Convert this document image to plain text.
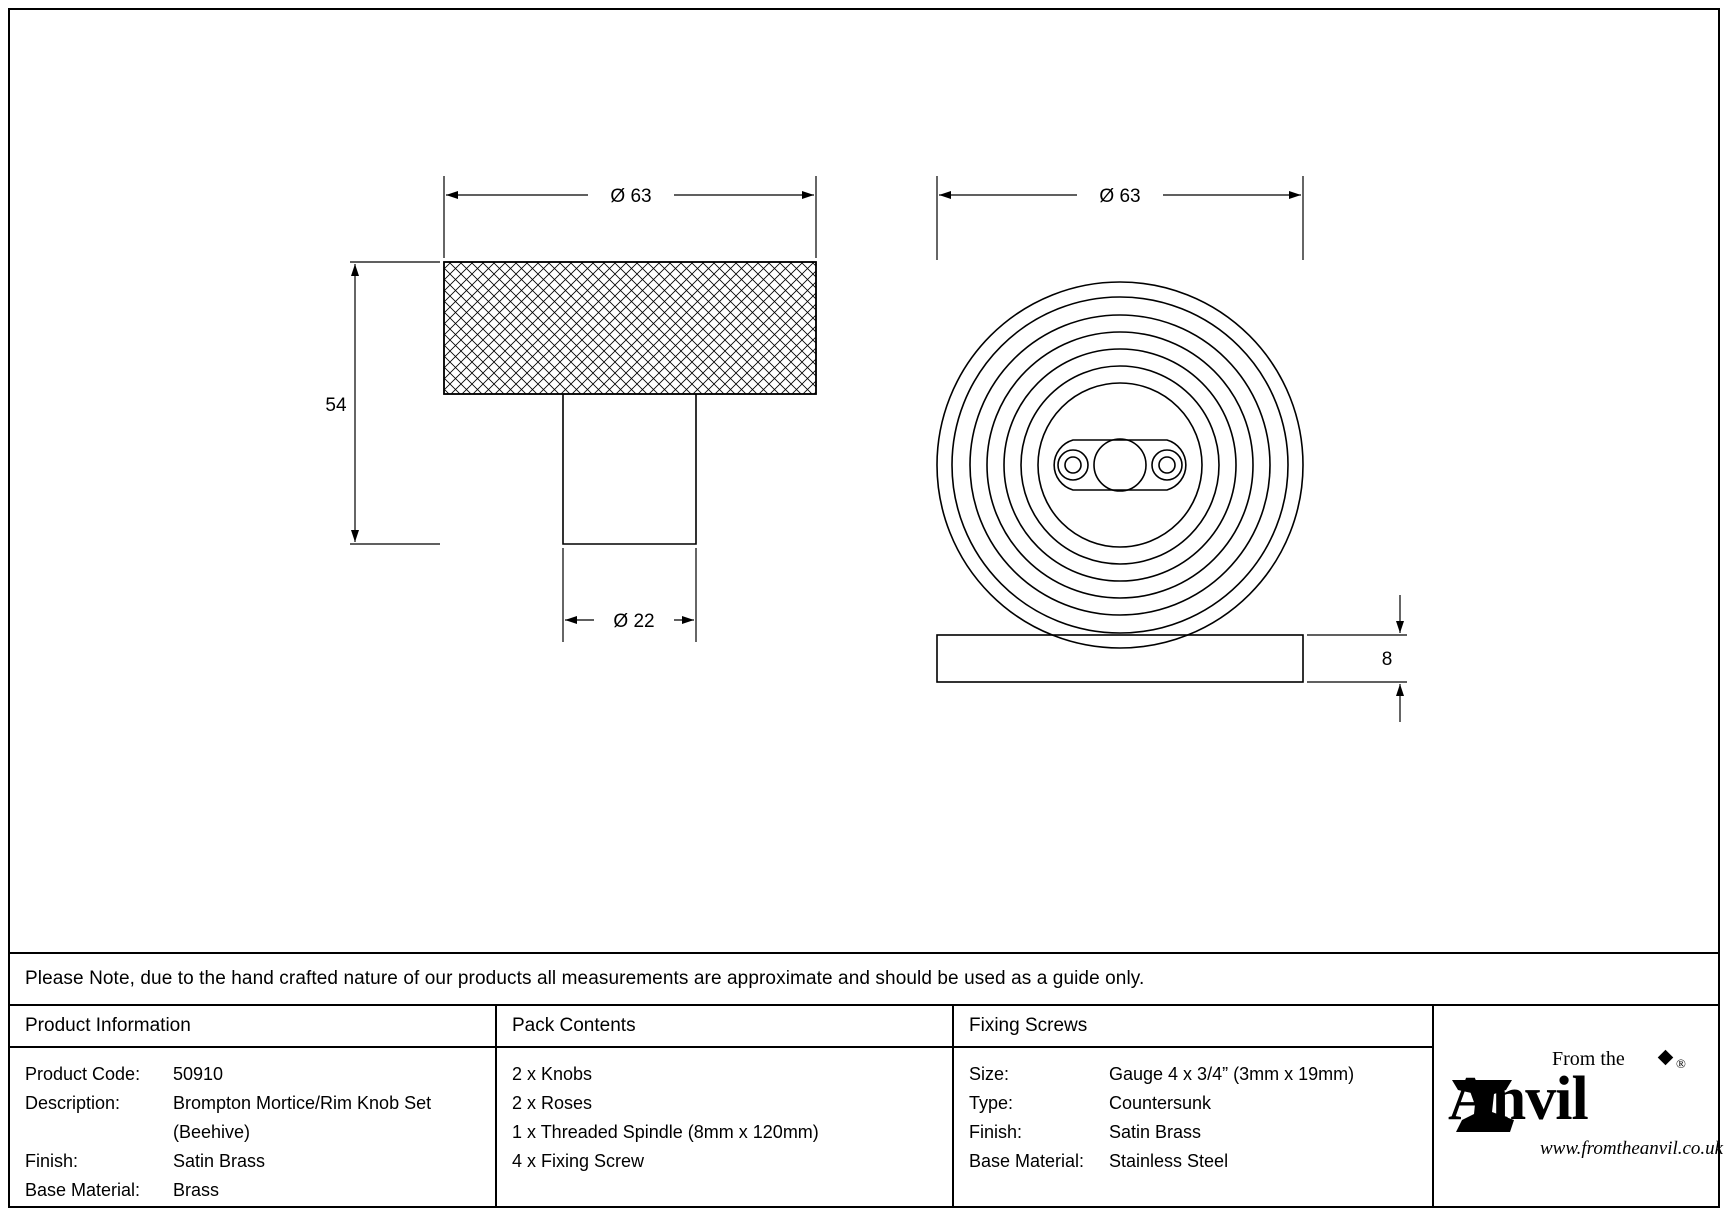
Ø 63	Ø 63
54
Ø 22
8
Please Note, due to the hand crafted nature of our products all measurements are approximate and should be used as a guide only.
Product Information
Product Code:	50910
Description:	Brompton Mortice/Rim Knob Set
(Beehive)
Finish:	Satin Brass
Base Material:	Brass
Pack Contents
2 x Knobs
2 x Roses
1 x Threaded Spindle (8mm x 120mm)
4 x Fixing Screw
Fixing Screws
Size:	Gauge 4 x 3/4” (3mm x 19mm)
Type:	Countersunk
Finish:	Satin Brass
Base Material:	Stainless Steel
From the	®
Anvil
www.fromtheanvil.co.uk
